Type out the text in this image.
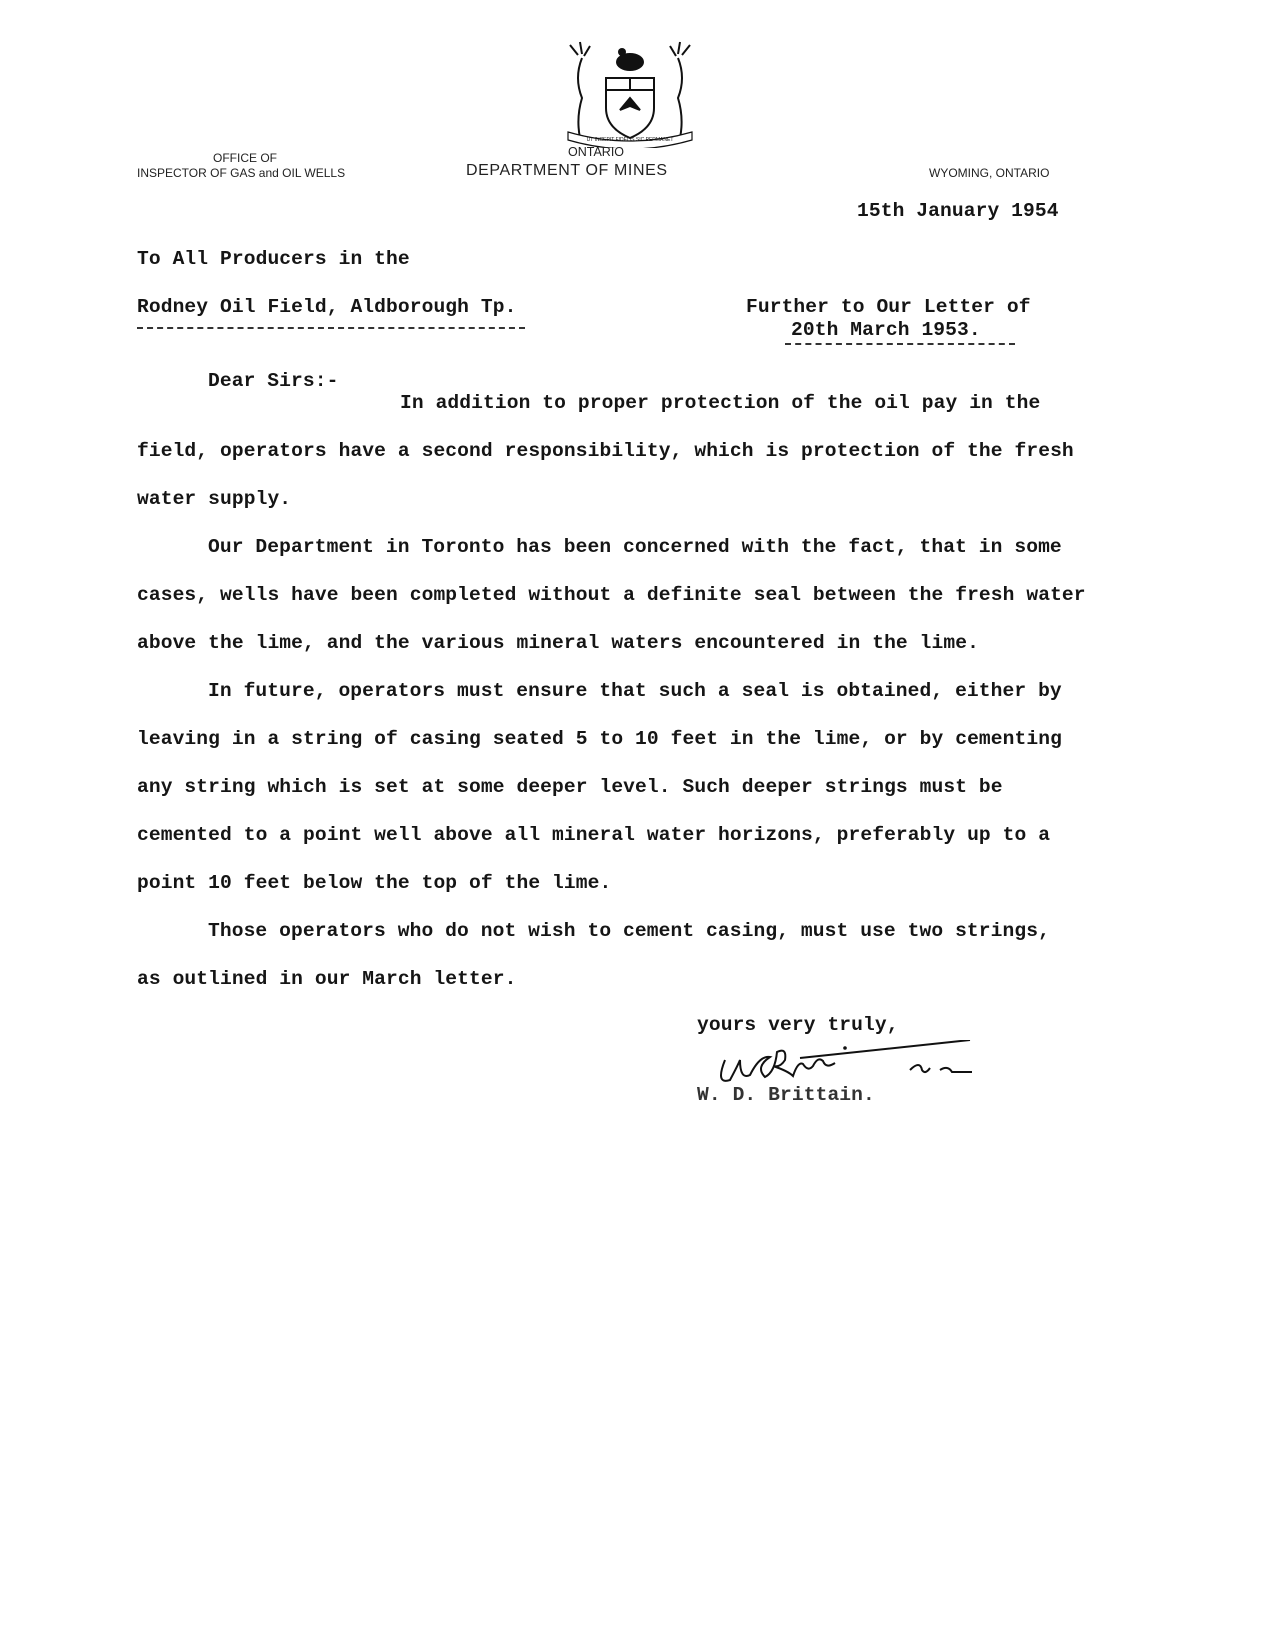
UT INCEPIT FIDELIS SIC PERMANET
OFFICE OF
INSPECTOR OF GAS and OIL WELLS
ONTARIO
DEPARTMENT OF MINES	WYOMING, ONTARIO
15th January 1954
To All Producers in the
Rodney Oil Field, Aldborough Tp.	Further to Our Letter of
20th March 1953.
Dear Sirs:-
In addition to proper protection of the oil pay in the
field, operators have a second responsibility, which is protection of the fresh
water supply.
Our Department in Toronto has been concerned with the fact, that in some
cases, wells have been completed without a definite seal between the fresh water
above the lime, and the various mineral waters encountered in the lime.
In future, operators must ensure that such a seal is obtained, either by
leaving in a string of casing seated 5 to 10 feet in the lime, or by cementing
any string which is set at some deeper level. Such deeper strings must be
cemented to a point well above all mineral water horizons, preferably up to a
point 10 feet below the top of the lime.
Those operators who do not wish to cement casing, must use two strings,
as outlined in our March letter.
yours very truly,
W. D. Brittain.
